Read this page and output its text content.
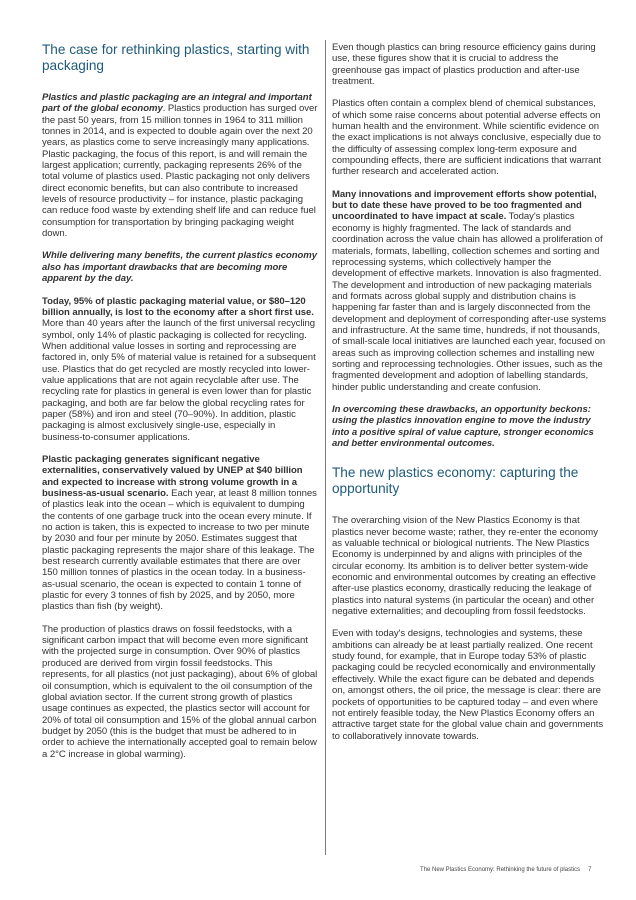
The case for rethinking plastics, starting with packaging

Plastics and plastic packaging are an integral and important part of the global economy. Plastics production has surged over the past 50 years, from 15 million tonnes in 1964 to 311 million tonnes in 2014, and is expected to double again over the next 20 years, as plastics come to serve increasingly many applications. Plastic packaging, the focus of this report, is and will remain the largest application; currently, packaging represents 26% of the total volume of plastics used. Plastic packaging not only delivers direct economic benefits, but can also contribute to increased levels of resource productivity – for instance, plastic packaging can reduce food waste by extending shelf life and can reduce fuel consumption for transportation by bringing packaging weight down.

While delivering many benefits, the current plastics economy also has important drawbacks that are becoming more apparent by the day.

Today, 95% of plastic packaging material value, or $80–120 billion annually, is lost to the economy after a short first use. More than 40 years after the launch of the first universal recycling symbol, only 14% of plastic packaging is collected for recycling. When additional value losses in sorting and reprocessing are factored in, only 5% of material value is retained for a subsequent use. Plastics that do get recycled are mostly recycled into lower-value applications that are not again recyclable after use. The recycling rate for plastics in general is even lower than for plastic packaging, and both are far below the global recycling rates for paper (58%) and iron and steel (70–90%). In addition, plastic packaging is almost exclusively single-use, especially in business-to-consumer applications.

Plastic packaging generates significant negative externalities, conservatively valued by UNEP at $40 billion and expected to increase with strong volume growth in a business-as-usual scenario. Each year, at least 8 million tonnes of plastics leak into the ocean – which is equivalent to dumping the contents of one garbage truck into the ocean every minute. If no action is taken, this is expected to increase to two per minute by 2030 and four per minute by 2050. Estimates suggest that plastic packaging represents the major share of this leakage. The best research currently available estimates that there are over 150 million tonnes of plastics in the ocean today. In a business-as-usual scenario, the ocean is expected to contain 1 tonne of plastic for every 3 tonnes of fish by 2025, and by 2050, more plastics than fish (by weight).

The production of plastics draws on fossil feedstocks, with a significant carbon impact that will become even more significant with the projected surge in consumption. Over 90% of plastics produced are derived from virgin fossil feedstocks. This represents, for all plastics (not just packaging), about 6% of global oil consumption, which is equivalent to the oil consumption of the global aviation sector. If the current strong growth of plastics usage continues as expected, the plastics sector will account for 20% of total oil consumption and 15% of the global annual carbon budget by 2050 (this is the budget that must be adhered to in order to achieve the internationally accepted goal to remain below a 2°C increase in global warming).

Even though plastics can bring resource efficiency gains during use, these figures show that it is crucial to address the greenhouse gas impact of plastics production and after-use treatment.

Plastics often contain a complex blend of chemical substances, of which some raise concerns about potential adverse effects on human health and the environment. While scientific evidence on the exact implications is not always conclusive, especially due to the difficulty of assessing complex long-term exposure and compounding effects, there are sufficient indications that warrant further research and accelerated action.

Many innovations and improvement efforts show potential, but to date these have proved to be too fragmented and uncoordinated to have impact at scale. Today's plastics economy is highly fragmented. The lack of standards and coordination across the value chain has allowed a proliferation of materials, formats, labelling, collection schemes and sorting and reprocessing systems, which collectively hamper the development of effective markets. Innovation is also fragmented. The development and introduction of new packaging materials and formats across global supply and distribution chains is happening far faster than and is largely disconnected from the development and deployment of corresponding after-use systems and infrastructure. At the same time, hundreds, if not thousands, of small-scale local initiatives are launched each year, focused on areas such as improving collection schemes and installing new sorting and reprocessing technologies. Other issues, such as the fragmented development and adoption of labelling standards, hinder public understanding and create confusion.

In overcoming these drawbacks, an opportunity beckons: using the plastics innovation engine to move the industry into a positive spiral of value capture, stronger economics and better environmental outcomes.

The new plastics economy: capturing the opportunity

The overarching vision of the New Plastics Economy is that plastics never become waste; rather, they re-enter the economy as valuable technical or biological nutrients. The New Plastics Economy is underpinned by and aligns with principles of the circular economy. Its ambition is to deliver better system-wide economic and environmental outcomes by creating an effective after-use plastics economy, drastically reducing the leakage of plastics into natural systems (in particular the ocean) and other negative externalities; and decoupling from fossil feedstocks.

Even with today's designs, technologies and systems, these ambitions can already be at least partially realized. One recent study found, for example, that in Europe today 53% of plastic packaging could be recycled economically and environmentally effectively. While the exact figure can be debated and depends on, amongst others, the oil price, the message is clear: there are pockets of opportunities to be captured today – and even where not entirely feasible today, the New Plastics Economy offers an attractive target state for the global value chain and governments to collaboratively innovate towards.

The New Plastics Economy: Rethinking the future of plastics 7
